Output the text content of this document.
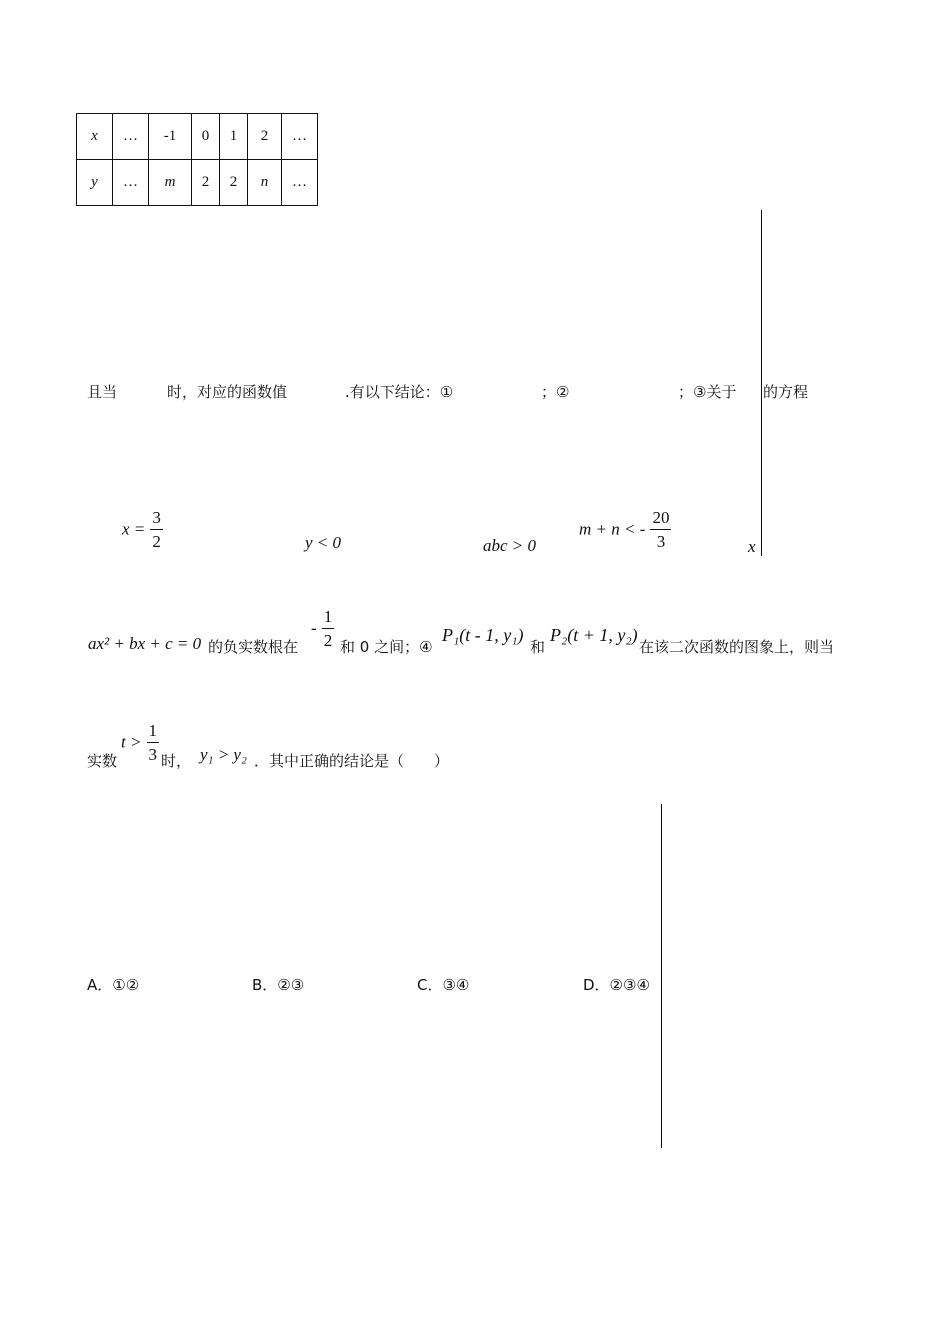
x	…	-1	0	1	2	…
y	…	m	2	2	n	…
且当	时，对应的函数值	.有以下结论：①	；②	；③关于 的方程
$x = \frac{3}{2}$	y < 0	abc > 0
m + n < - $\frac{20}{3}$	x
ax² + bx + c = 0 的负实数根在
- $\frac{1}{2}$ 和 0 之间；④
P₁(t - 1, y₁)
和
P₂(t + 1, y₂)
在该二次函数的图象上，则当
实数
$t > \frac{1}{3}$ 时， y₁ > y₂ ．其中正确的结论是（　　）
A．①②	B．②③	C．③④	D．②③④
